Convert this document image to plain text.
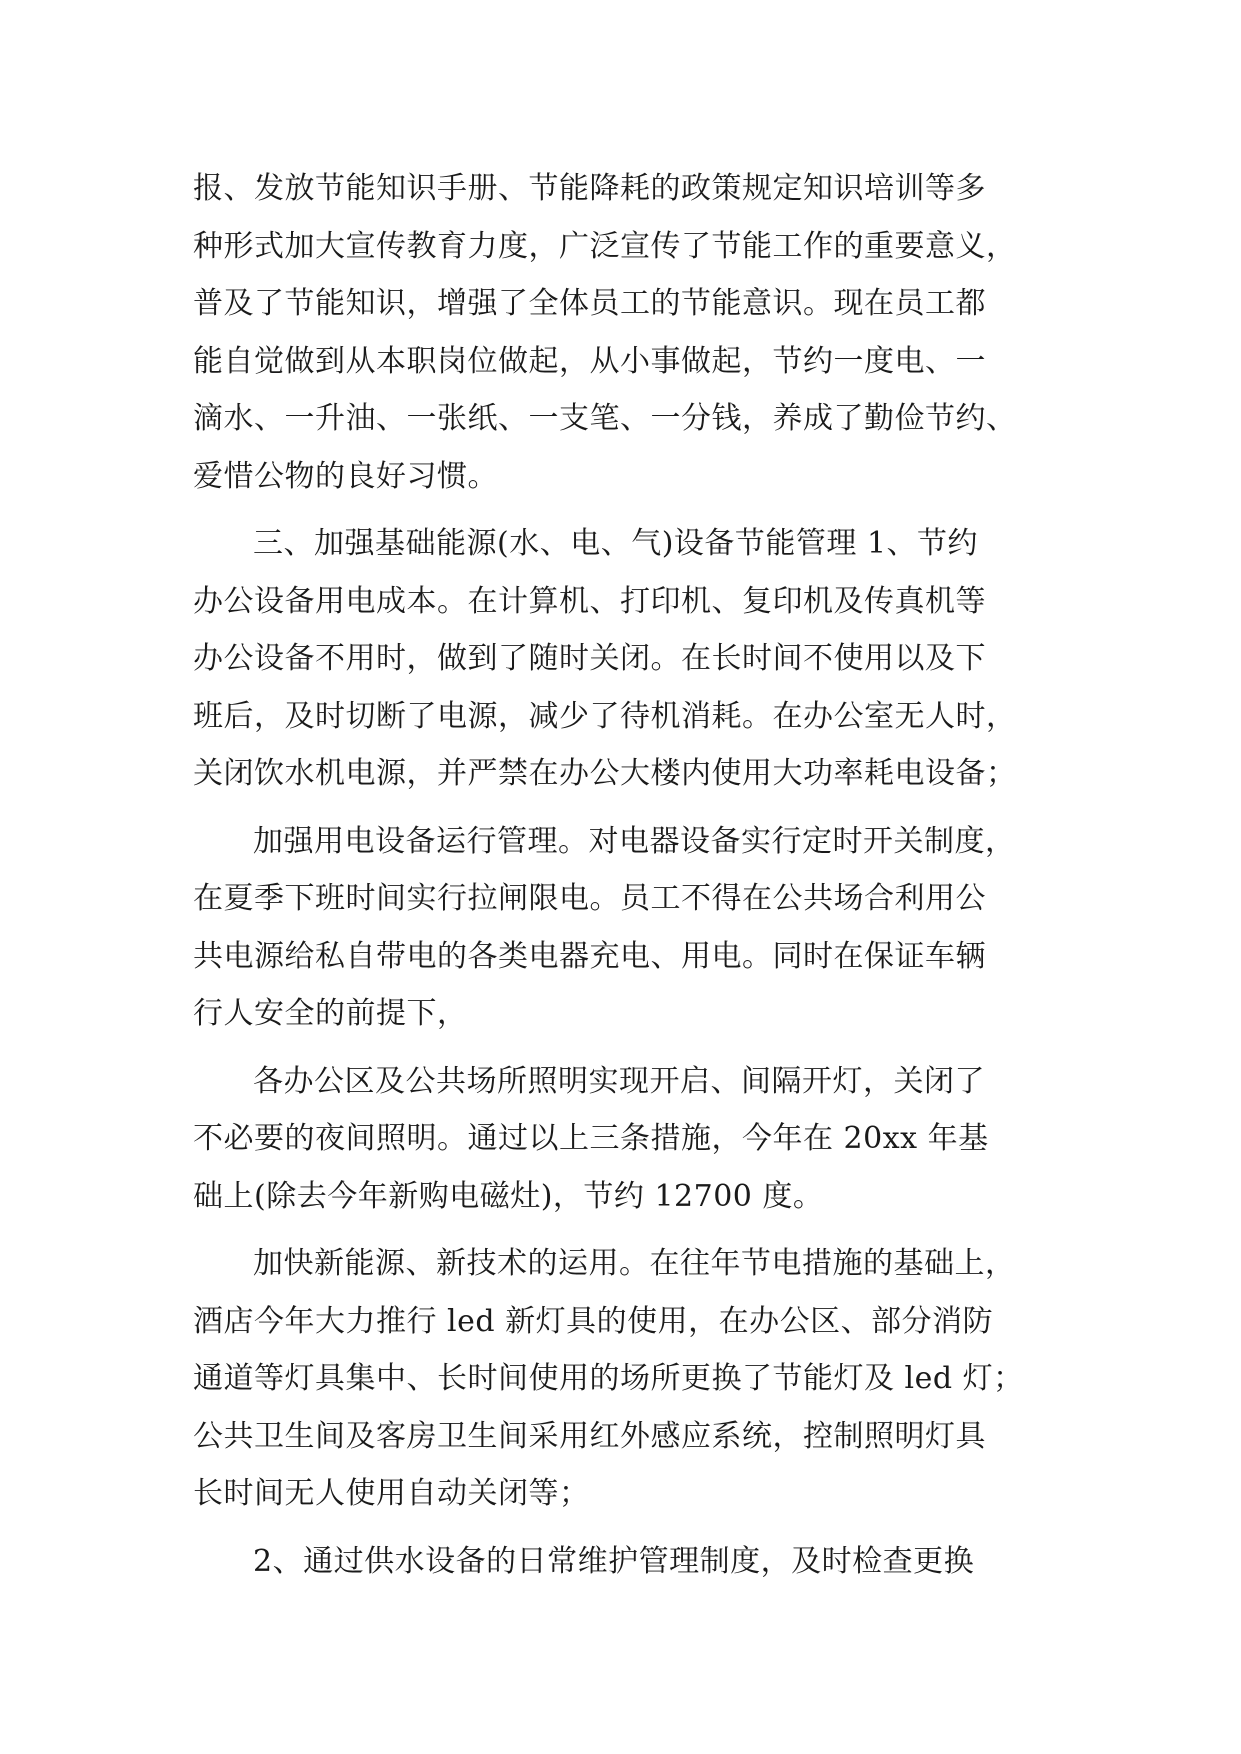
报、发放节能知识手册、节能降耗的政策规定知识培训等多
种形式加大宣传教育力度，广泛宣传了节能工作的重要意义，
普及了节能知识，增强了全体员工的节能意识。现在员工都
能自觉做到从本职岗位做起，从小事做起，节约一度电、一
滴水、一升油、一张纸、一支笔、一分钱，养成了勤俭节约、
爱惜公物的良好习惯。
三、加强基础能源(水、电、气)设备节能管理 1、节约
办公设备用电成本。在计算机、打印机、复印机及传真机等
办公设备不用时，做到了随时关闭。在长时间不使用以及下
班后，及时切断了电源，减少了待机消耗。在办公室无人时，
关闭饮水机电源，并严禁在办公大楼内使用大功率耗电设备；
加强用电设备运行管理。对电器设备实行定时开关制度，
在夏季下班时间实行拉闸限电。员工不得在公共场合利用公
共电源给私自带电的各类电器充电、用电。同时在保证车辆
行人安全的前提下，
各办公区及公共场所照明实现开启、间隔开灯，关闭了
不必要的夜间照明。通过以上三条措施，今年在 20xx 年基
础上(除去今年新购电磁灶)，节约 12700 度。
加快新能源、新技术的运用。在往年节电措施的基础上，
酒店今年大力推行 led 新灯具的使用，在办公区、部分消防
通道等灯具集中、长时间使用的场所更换了节能灯及 led 灯；
公共卫生间及客房卫生间采用红外感应系统，控制照明灯具
长时间无人使用自动关闭等；
2、通过供水设备的日常维护管理制度，及时检查更换
